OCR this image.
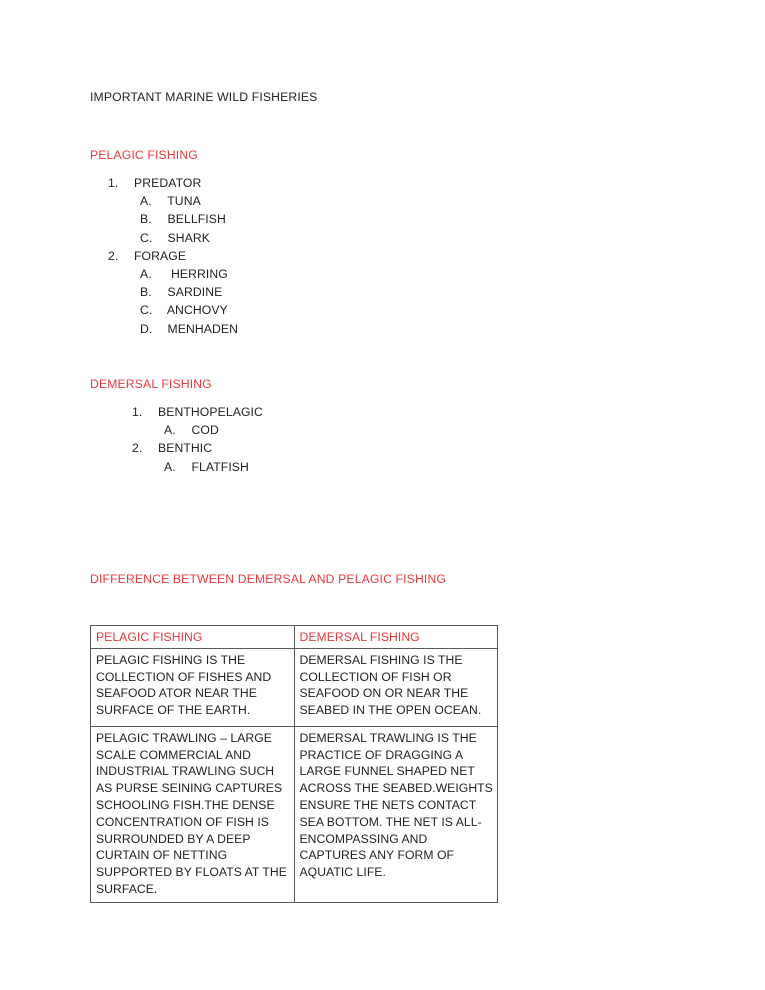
IMPORTANT MARINE WILD FISHERIES
PELAGIC FISHING
1.	PREDATOR
A.	TUNA
B.	BELLFISH
C. SHARK
2.	FORAGE
A.	HERRING
B.	SARDINE
C. ANCHOVY
D. MENHADEN
DEMERSAL FISHING
1.	BENTHOPELAGIC
A.	COD
2.	BENTHIC
A.	FLATFISH
DIFFERENCE BETWEEN DEMERSAL AND PELAGIC FISHING
PELAGIC FISHING	DEMERSAL FISHING
PELAGIC FISHING IS THE COLLECTION OF FISHES AND SEAFOOD ATOR NEAR THE SURFACE OF THE EARTH.	DEMERSAL FISHING IS THE COLLECTION OF FISH OR SEAFOOD ON OR NEAR THE SEABED IN THE OPEN OCEAN.
PELAGIC TRAWLING – LARGE SCALE COMMERCIAL AND INDUSTRIAL TRAWLING SUCH AS PURSE SEINING CAPTURES SCHOOLING FISH.THE DENSE CONCENTRATION OF FISH IS SURROUNDED BY A DEEP CURTAIN OF NETTING SUPPORTED BY FLOATS AT THE SURFACE.	DEMERSAL TRAWLING IS THE PRACTICE OF DRAGGING A LARGE FUNNEL SHAPED NET ACROSS THE SEABED.WEIGHTS ENSURE THE NETS CONTACT SEA BOTTOM. THE NET IS ALL-ENCOMPASSING AND CAPTURES ANY FORM OF AQUATIC LIFE.
